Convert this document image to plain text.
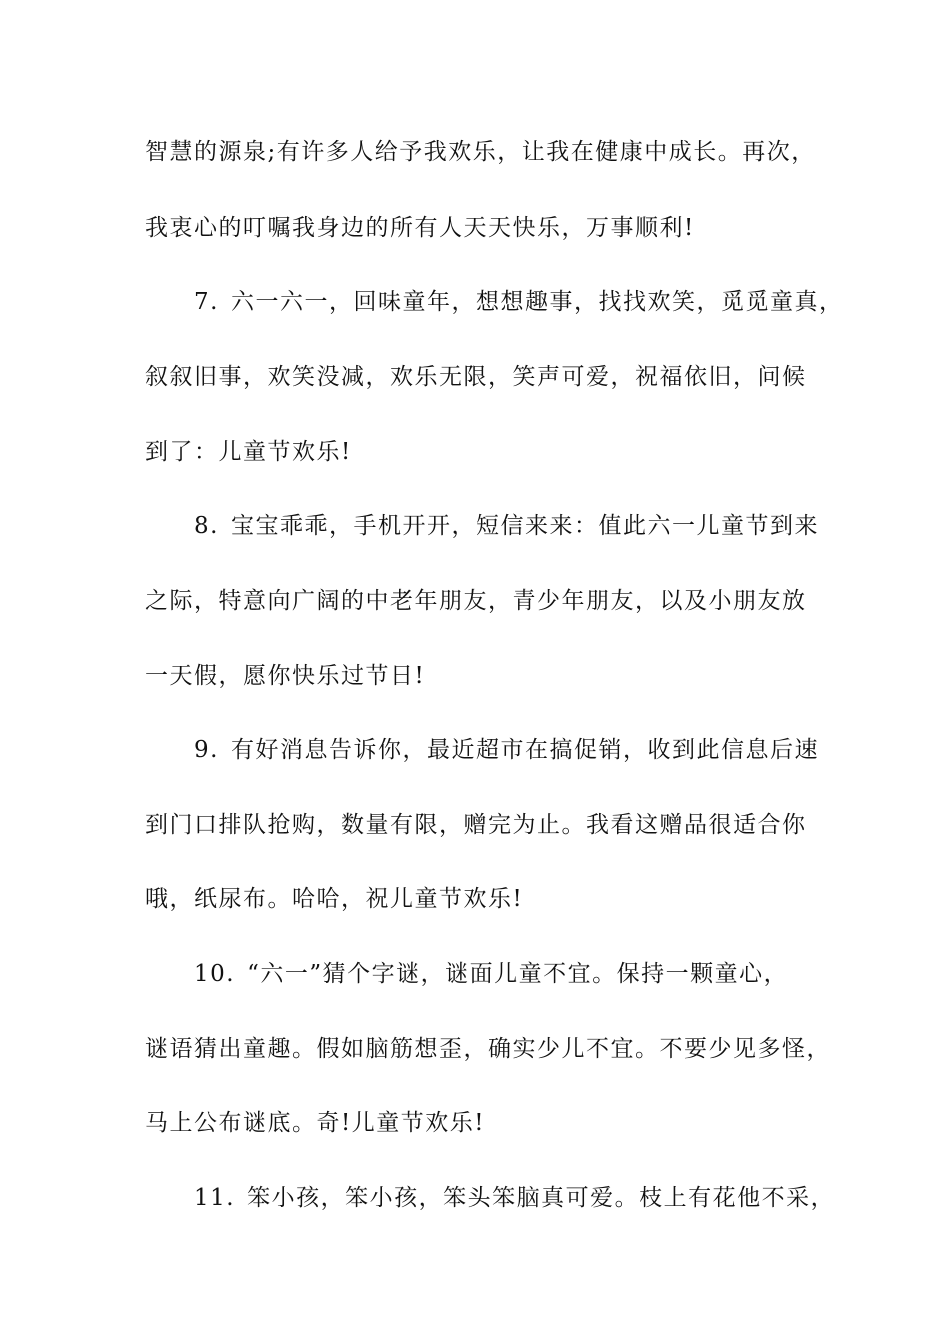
智慧的源泉;有许多人给予我欢乐，让我在健康中成长。再次，
我衷心的叮嘱我身边的所有人天天快乐，万事顺利!
7. 六一六一，回味童年，想想趣事，找找欢笑，觅觅童真，
叙叙旧事，欢笑没减，欢乐无限，笑声可爱，祝福依旧，问候
到了：儿童节欢乐!
8. 宝宝乖乖，手机开开，短信来来：值此六一儿童节到来
之际，特意向广阔的中老年朋友，青少年朋友，以及小朋友放
一天假，愿你快乐过节日!
9. 有好消息告诉你，最近超市在搞促销，收到此信息后速
到门口排队抢购，数量有限，赠完为止。我看这赠品很适合你
哦，纸尿布。哈哈，祝儿童节欢乐!
10. “六一”猜个字谜，谜面儿童不宜。保持一颗童心，
谜语猜出童趣。假如脑筋想歪，确实少儿不宜。不要少见多怪，
马上公布谜底。奇!儿童节欢乐!
11. 笨小孩，笨小孩，笨头笨脑真可爱。枝上有花他不采，
